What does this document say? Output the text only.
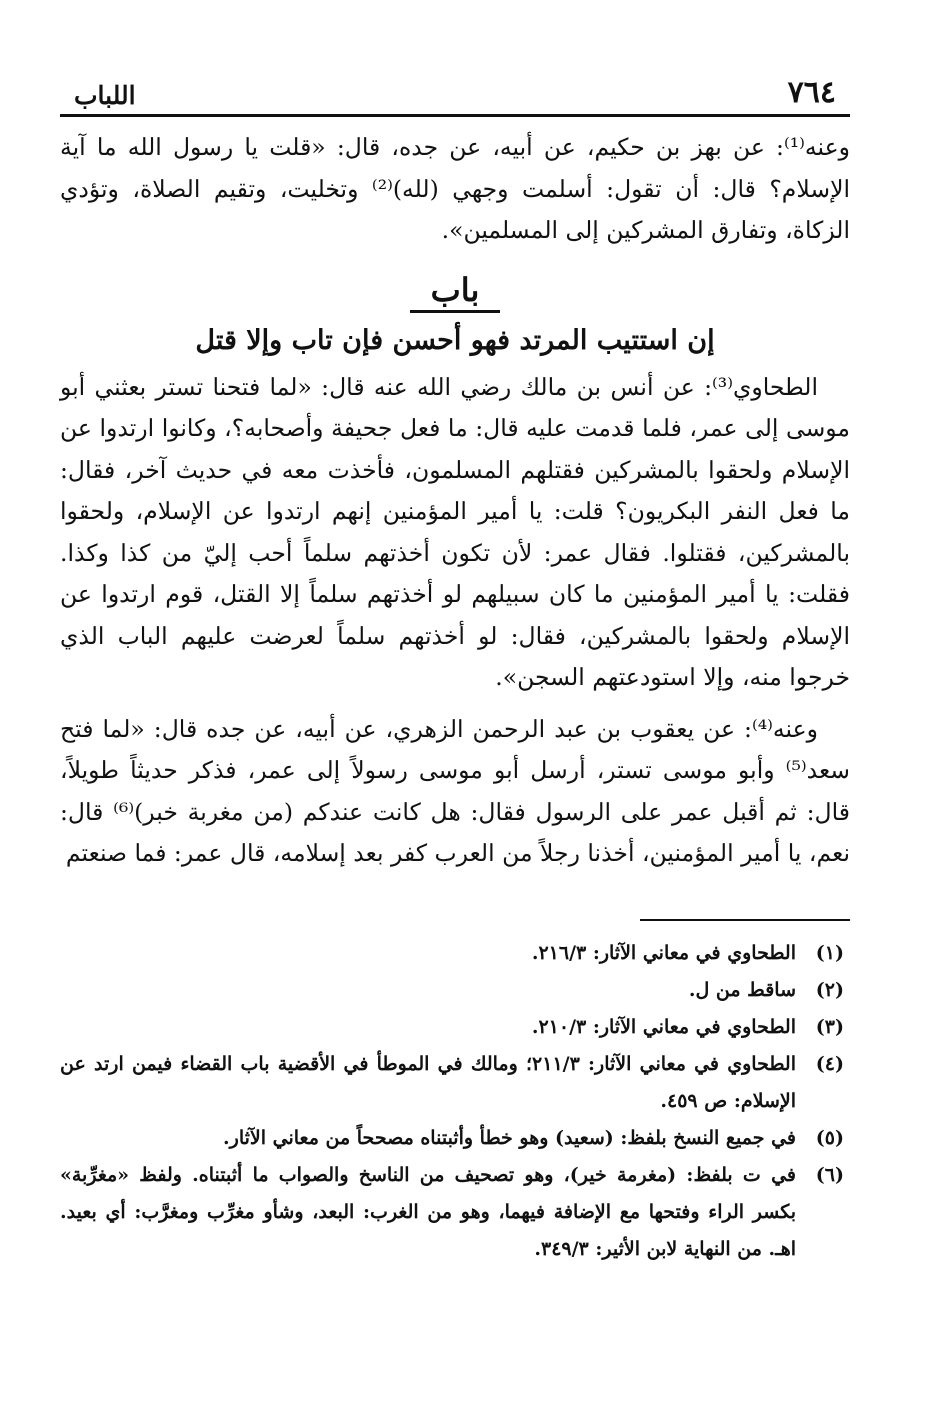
٧٦٤
اللباب

وعنه⁽¹⁾: عن بهز بن حكيم، عن أبيه، عن جده، قال: «قلت يا رسول الله ما آية الإسلام؟ قال: أن تقول: أسلمت وجهي (لله)⁽²⁾ وتخليت، وتقيم الصلاة، وتؤدي الزكاة، وتفارق المشركين إلى المسلمين».

باب
إن استتيب المرتد فهو أحسن فإن تاب وإلا قتل

الطحاوي⁽³⁾: عن أنس بن مالك رضي الله عنه قال: «لما فتحنا تستر بعثني أبو موسى إلى عمر، فلما قدمت عليه قال: ما فعل جحيفة وأصحابه؟، وكانوا ارتدوا عن الإسلام ولحقوا بالمشركين فقتلهم المسلمون، فأخذت معه في حديث آخر، فقال: ما فعل النفر البكريون؟ قلت: يا أمير المؤمنين إنهم ارتدوا عن الإسلام، ولحقوا بالمشركين، فقتلوا. فقال عمر: لأن تكون أخذتهم سلماً أحب إليّ من كذا وكذا. فقلت: يا أمير المؤمنين ما كان سبيلهم لو أخذتهم سلماً إلا القتل، قوم ارتدوا عن الإسلام ولحقوا بالمشركين، فقال: لو أخذتهم سلماً لعرضت عليهم الباب الذي خرجوا منه، وإلا استودعتهم السجن».

وعنه⁽⁴⁾: عن يعقوب بن عبد الرحمن الزهري، عن أبيه، عن جده قال: «لما فتح سعد⁽⁵⁾ وأبو موسى تستر، أرسل أبو موسى رسولاً إلى عمر، فذكر حديثاً طويلاً، قال: ثم أقبل عمر على الرسول فقال: هل كانت عندكم (من مغربة خبر)⁽⁶⁾ قال: نعم، يا أمير المؤمنين، أخذنا رجلاً من العرب كفر بعد إسلامه، قال عمر: فما صنعتم

(١)
الطحاوي في معاني الآثار: ٢١٦/٣.
(٢)
ساقط من ل.
(٣)
الطحاوي في معاني الآثار: ٢١٠/٣.
(٤)
الطحاوي في معاني الآثار: ٢١١/٣؛ ومالك في الموطأ في الأقضية باب القضاء فيمن ارتد عن الإسلام: ص ٤٥٩.
(٥)
في جميع النسخ بلفظ: (سعيد) وهو خطأ وأثبتناه مصححاً من معاني الآثار.
(٦)
في ت بلفظ: (مغرمة خير)، وهو تصحيف من الناسخ والصواب ما أثبتناه. ولفظ «مغرِّبة» بكسر الراء وفتحها مع الإضافة فيهما، وهو من الغرب: البعد، وشأو مغرِّب ومغرَّب: أي بعيد. اهـ. من النهاية لابن الأثير: ٣٤٩/٣.
